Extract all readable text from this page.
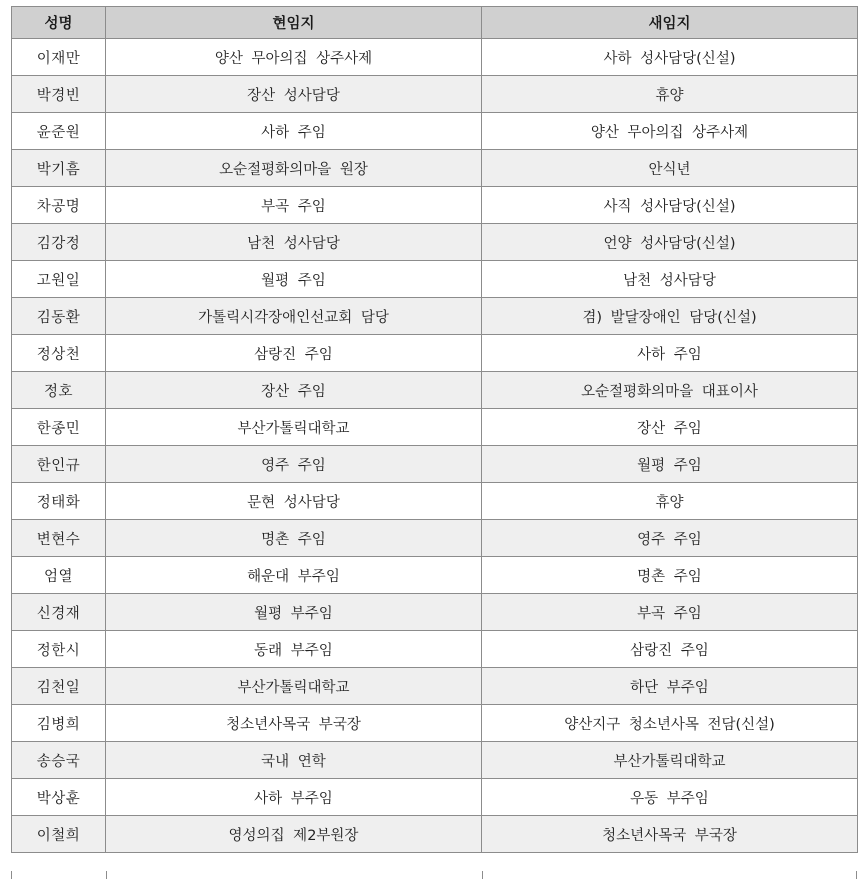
성명	현임지	새임지
이재만	양산 무아의집 상주사제	사하 성사담당(신설)
박경빈	장산 성사담당	휴양
윤준원	사하 주임	양산 무아의집 상주사제
박기흠	오순절평화의마을 원장	안식년
차공명	부곡 주임	사직 성사담당(신설)
김강정	남천 성사담당	언양 성사담당(신설)
고원일	월평 주임	남천 성사담당
김동환	가톨릭시각장애인선교회 담당	겸) 발달장애인 담당(신설)
정상천	삼랑진 주임	사하 주임
정호	장산 주임	오순절평화의마을 대표이사
한종민	부산가톨릭대학교	장산 주임
한인규	영주 주임	월평 주임
정태화	문현 성사담당	휴양
변현수	명촌 주임	영주 주임
엄열	해운대 부주임	명촌 주임
신경재	월평 부주임	부곡 주임
정한시	동래 부주임	삼랑진 주임
김천일	부산가톨릭대학교	하단 부주임
김병희	청소년사목국 부국장	양산지구 청소년사목 전담(신설)
송승국	국내 연학	부산가톨릭대학교
박상훈	사하 부주임	우동 부주임
이철희	영성의집 제2부원장	청소년사목국 부국장
